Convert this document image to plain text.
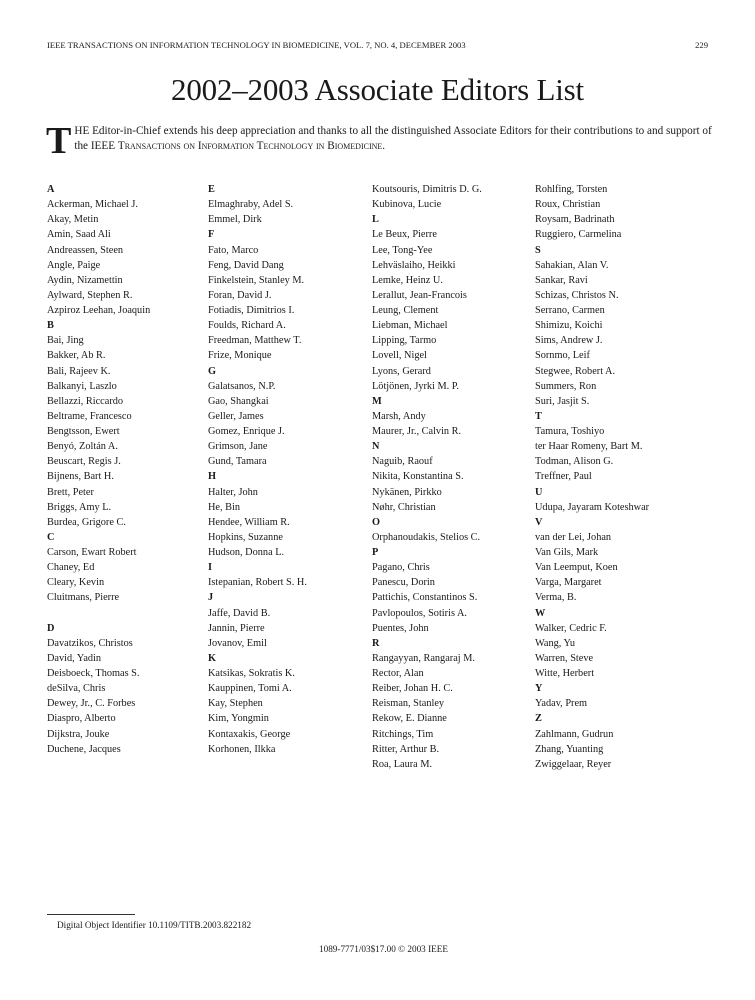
IEEE TRANSACTIONS ON INFORMATION TECHNOLOGY IN BIOMEDICINE, VOL. 7, NO. 4, DECEMBER 2003	229
2002–2003 Associate Editors List
THE Editor-in-Chief extends his deep appreciation and thanks to all the distinguished Associate Editors for their contributions to and support of the IEEE Transactions on Information Technology in Biomedicine.
A
Ackerman, Michael J.
Akay, Metin
Amin, Saad Ali
Andreassen, Steen
Angle, Paige
Aydin, Nizamettin
Aylward, Stephen R.
Azpiroz Leehan, Joaquin
B
Bai, Jing
Bakker, Ab R.
Bali, Rajeev K.
Balkanyi, Laszlo
Bellazzi, Riccardo
Beltrame, Francesco
Bengtsson, Ewert
Benyó, Zoltán A.
Beuscart, Regis J.
Bijnens, Bart H.
Brett, Peter
Briggs, Amy L.
Burdea, Grigore C.
C
Carson, Ewart Robert
Chaney, Ed
Cleary, Kevin
Cluitmans, Pierre
D
Davatzikos, Christos
David, Yadin
Deisboeck, Thomas S.
deSilva, Chris
Dewey, Jr., C. Forbes
Diaspro, Alberto
Dijkstra, Jouke
Duchene, Jacques
E
Elmaghraby, Adel S.
Emmel, Dirk
F
Fato, Marco
Feng, David Dang
Finkelstein, Stanley M.
Foran, David J.
Fotiadis, Dimitrios I.
Foulds, Richard A.
Freedman, Matthew T.
Frize, Monique
G
Galatsanos, N.P.
Gao, Shangkai
Geller, James
Gomez, Enrique J.
Grimson, Jane
Gund, Tamara
H
Halter, John
He, Bin
Hendee, William R.
Hopkins, Suzanne
Hudson, Donna L.
I
Istepanian, Robert S. H.
J
Jaffe, David B.
Jannin, Pierre
Jovanov, Emil
K
Katsikas, Sokratis K.
Kauppinen, Tomi A.
Kay, Stephen
Kim, Yongmin
Kontaxakis, George
Korhonen, Ilkka
Koutsouris, Dimitris D. G.
Kubinova, Lucie
L
Le Beux, Pierre
Lee, Tong-Yee
Lehväslaiho, Heikki
Lemke, Heinz U.
Lerallut, Jean-Francois
Leung, Clement
Liebman, Michael
Lipping, Tarmo
Lovell, Nigel
Lyons, Gerard
Lötjönen, Jyrki M. P.
M
Marsh, Andy
Maurer, Jr., Calvin R.
N
Naguib, Raouf
Nikita, Konstantina S.
Nykänen, Pirkko
Nøhr, Christian
O
Orphanoudakis, Stelios C.
P
Pagano, Chris
Panescu, Dorin
Pattichis, Constantinos S.
Pavlopoulos, Sotiris A.
Puentes, John
R
Rangayyan, Rangaraj M.
Rector, Alan
Reiber, Johan H. C.
Reisman, Stanley
Rekow, E. Dianne
Ritchings, Tim
Ritter, Arthur B.
Roa, Laura M.
Rohlfing, Torsten
Roux, Christian
Roysam, Badrinath
Ruggiero, Carmelina
S
Sahakian, Alan V.
Sankar, Ravi
Schizas, Christos N.
Serrano, Carmen
Shimizu, Koichi
Sims, Andrew J.
Sornmo, Leif
Stegwee, Robert A.
Summers, Ron
Suri, Jasjit S.
T
Tamura, Toshiyo
ter Haar Romeny, Bart M.
Todman, Alison G.
Treffner, Paul
U
Udupa, Jayaram Koteshwar
V
van der Lei, Johan
Van Gils, Mark
Van Leemput, Koen
Varga, Margaret
Verma, B.
W
Walker, Cedric F.
Wang, Yu
Warren, Steve
Witte, Herbert
Y
Yadav, Prem
Z
Zahlmann, Gudrun
Zhang, Yuanting
Zwiggelaar, Reyer
Digital Object Identifier 10.1109/TITB.2003.822182
1089-7771/03$17.00 © 2003 IEEE
